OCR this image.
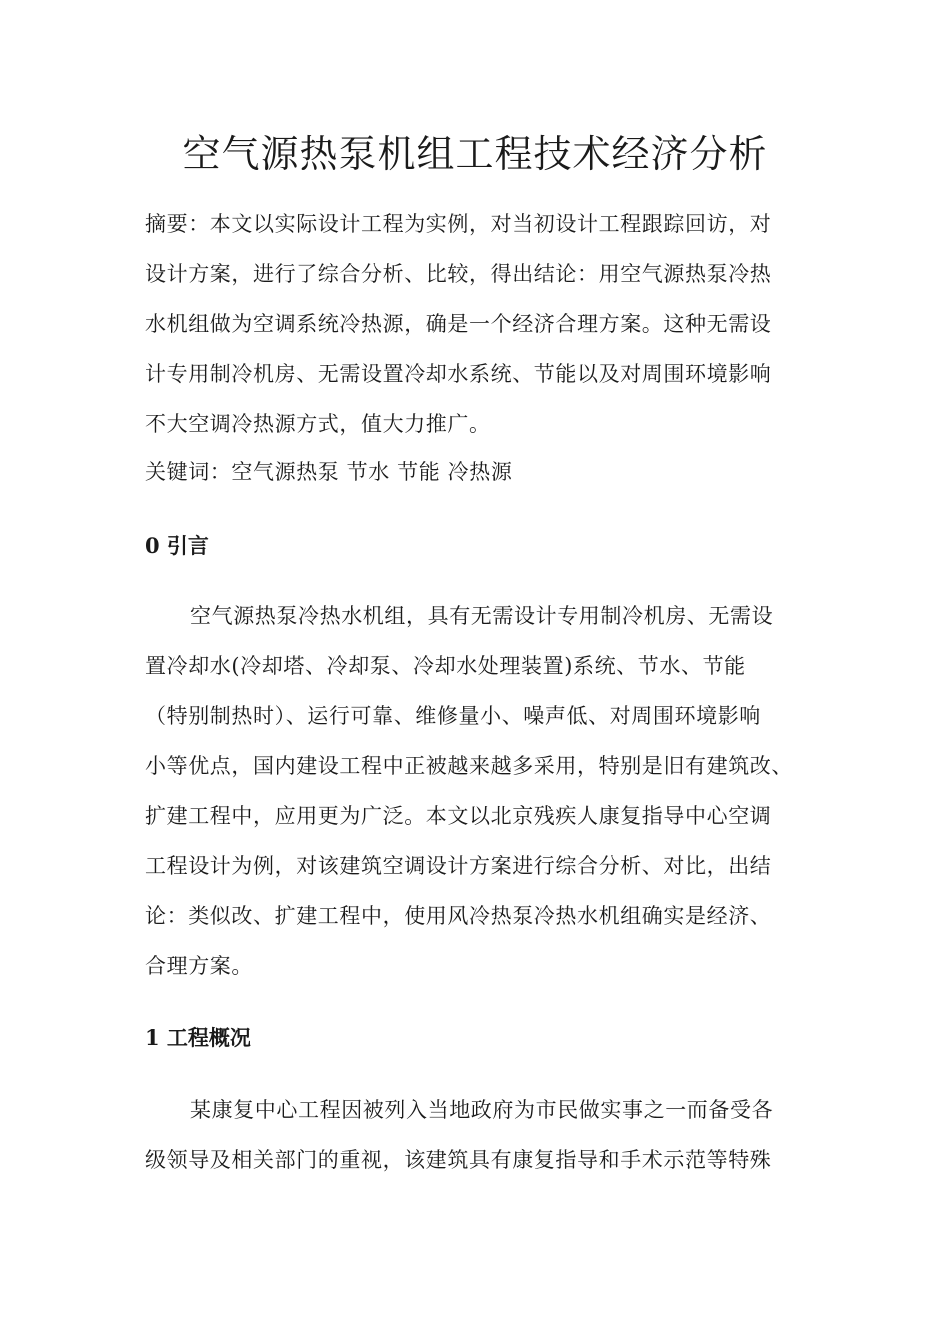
空气源热泵机组工程技术经济分析
摘要：本文以实际设计工程为实例，对当初设计工程跟踪回访，对
设计方案，进行了综合分析、比较，得出结论：用空气源热泵冷热
水机组做为空调系统冷热源，确是一个经济合理方案。这种无需设
计专用制冷机房、无需设置冷却水系统、节能以及对周围环境影响
不大空调冷热源方式，值大力推广。
关键词：空气源热泵 节水 节能 冷热源
0 引言
空气源热泵冷热水机组，具有无需设计专用制冷机房、无需设
置冷却水(冷却塔、冷却泵、冷却水处理装置)系统、节水、节能
（特别制热时）、运行可靠、维修量小、噪声低、对周围环境影响
小等优点，国内建设工程中正被越来越多采用，特别是旧有建筑改、
扩建工程中，应用更为广泛。本文以北京残疾人康复指导中心空调
工程设计为例，对该建筑空调设计方案进行综合分析、对比，出结
论：类似改、扩建工程中，使用风冷热泵冷热水机组确实是经济、
合理方案。
1 工程概况
某康复中心工程因被列入当地政府为市民做实事之一而备受各
级领导及相关部门的重视，该建筑具有康复指导和手术示范等特殊
